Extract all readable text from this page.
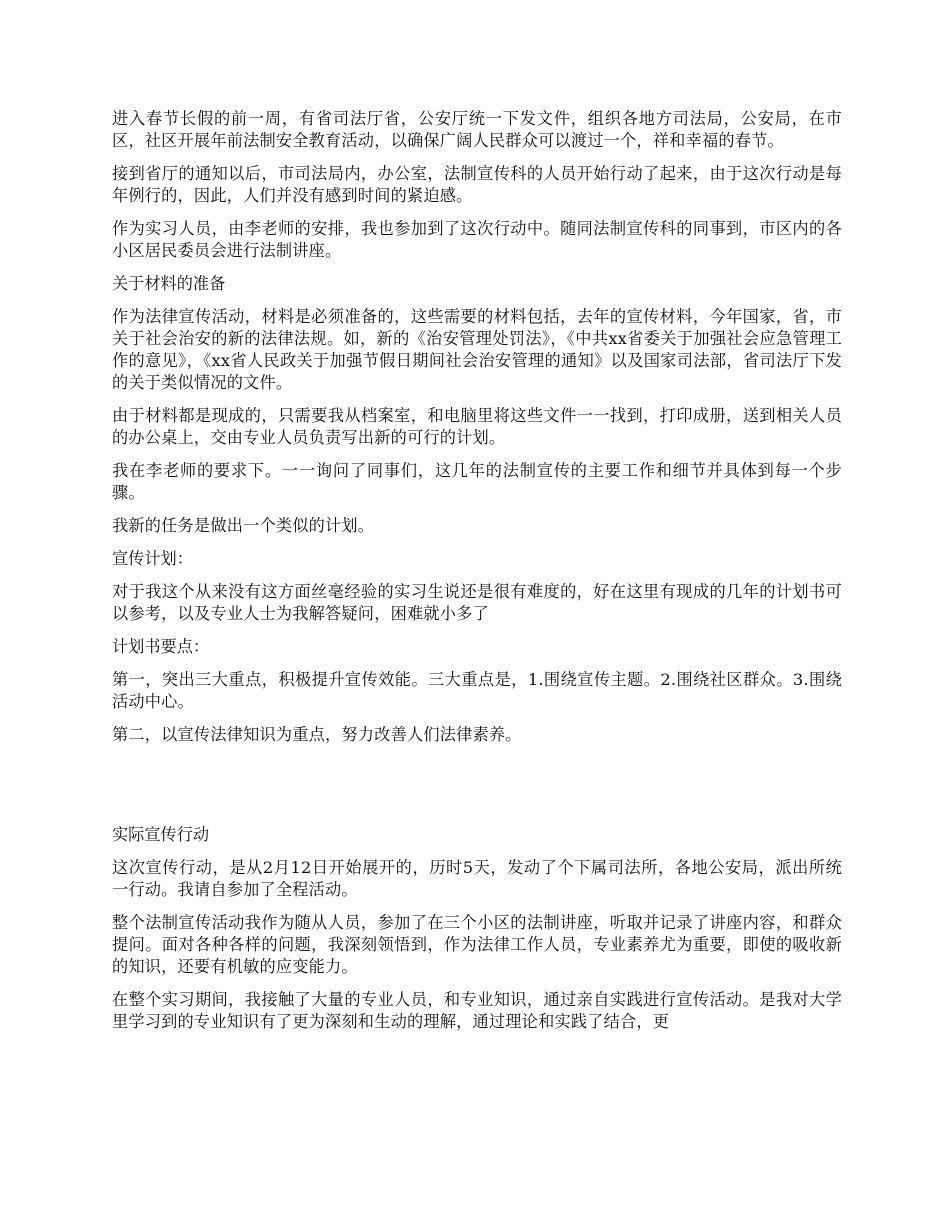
进入春节长假的前一周，有省司法厅省，公安厅统一下发文件，组织各地方司法局，公安局，在市区，社区开展年前法制安全教育活动，以确保广阔人民群众可以渡过一个，祥和幸福的春节。

接到省厅的通知以后，市司法局内，办公室，法制宣传科的人员开始行动了起来，由于这次行动是每年例行的，因此，人们并没有感到时间的紧迫感。

作为实习人员，由李老师的安排，我也参加到了这次行动中。随同法制宣传科的同事到，市区内的各小区居民委员会进行法制讲座。

关于材料的准备

作为法律宣传活动，材料是必须准备的，这些需要的材料包括，去年的宣传材料，今年国家，省，市关于社会治安的新的法律法规。如，新的《治安管理处罚法》，《中共xx省委关于加强社会应急管理工作的意见》，《xx省人民政关于加强节假日期间社会治安管理的通知》以及国家司法部，省司法厅下发的关于类似情况的文件。

由于材料都是现成的，只需要我从档案室，和电脑里将这些文件一一找到，打印成册，送到相关人员的办公桌上，交由专业人员负责写出新的可行的计划。

我在李老师的要求下。一一询问了同事们，这几年的法制宣传的主要工作和细节并具体到每一个步骤。

我新的任务是做出一个类似的计划。

宣传计划：

对于我这个从来没有这方面丝毫经验的实习生说还是很有难度的，好在这里有现成的几年的计划书可以参考，以及专业人士为我解答疑问，困难就小多了

计划书要点：

第一，突出三大重点，积极提升宣传效能。三大重点是，1.围绕宣传主题。2.围绕社区群众。3.围绕活动中心。

第二，以宣传法律知识为重点，努力改善人们法律素养。

实际宣传行动

这次宣传行动，是从2月12日开始展开的，历时5天，发动了个下属司法所，各地公安局，派出所统一行动。我请自参加了全程活动。

整个法制宣传活动我作为随从人员，参加了在三个小区的法制讲座，听取并记录了讲座内容，和群众提问。面对各种各样的问题，我深刻领悟到，作为法律工作人员，专业素养尤为重要，即使的吸收新的知识，还要有机敏的应变能力。

在整个实习期间，我接触了大量的专业人员，和专业知识，通过亲自实践进行宣传活动。是我对大学里学习到的专业知识有了更为深刻和生动的理解，通过理论和实践了结合，更
